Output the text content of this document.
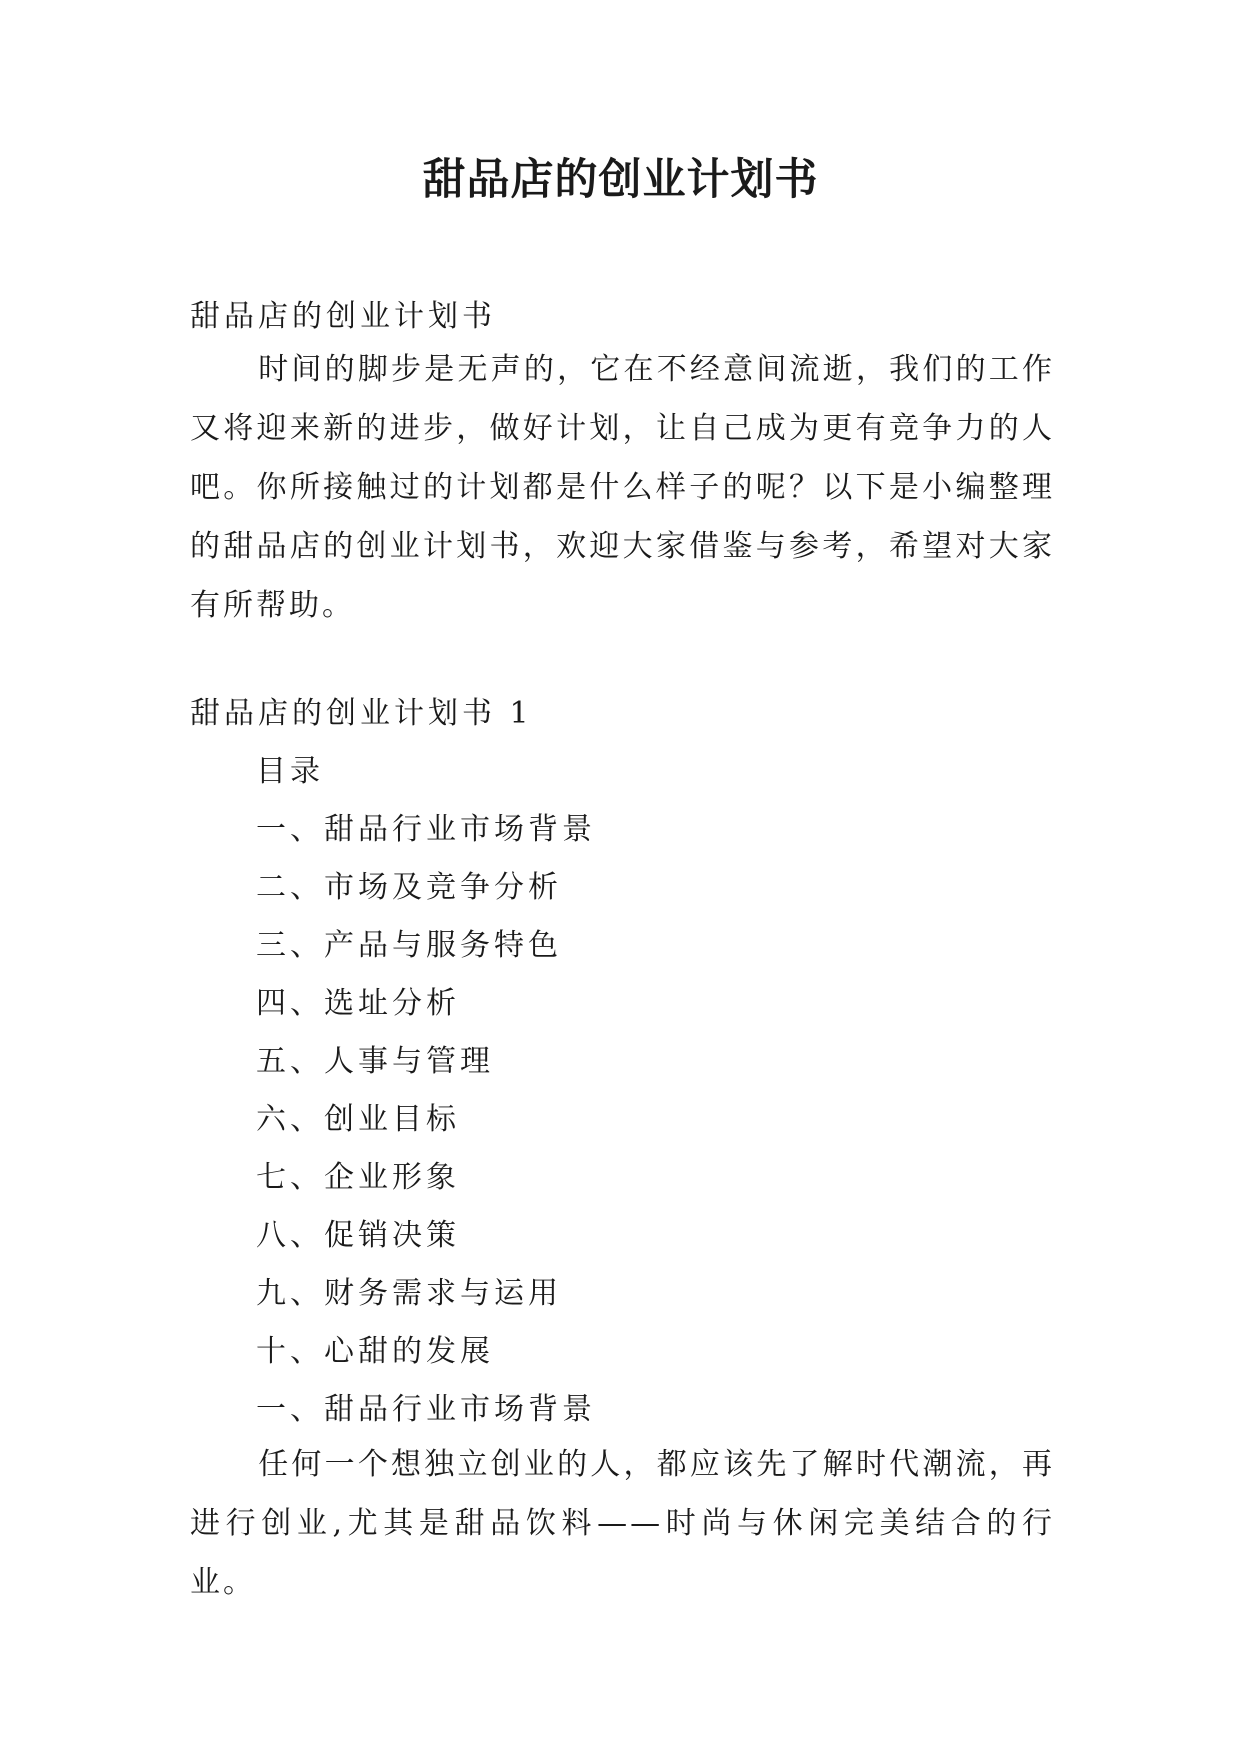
甜品店的创业计划书
甜品店的创业计划书
时间的脚步是无声的，它在不经意间流逝，我们的工作又将迎来新的进步，做好计划，让自己成为更有竞争力的人吧。你所接触过的计划都是什么样子的呢？以下是小编整理的甜品店的创业计划书，欢迎大家借鉴与参考，希望对大家有所帮助。
甜品店的创业计划书 1
目录
一、甜品行业市场背景
二、市场及竞争分析
三、产品与服务特色
四、选址分析
五、人事与管理
六、创业目标
七、企业形象
八、促销决策
九、财务需求与运用
十、心甜的发展
一、甜品行业市场背景
任何一个想独立创业的人，都应该先了解时代潮流，再进行创业,尤其是甜品饮料——时尚与休闲完美结合的行业。
